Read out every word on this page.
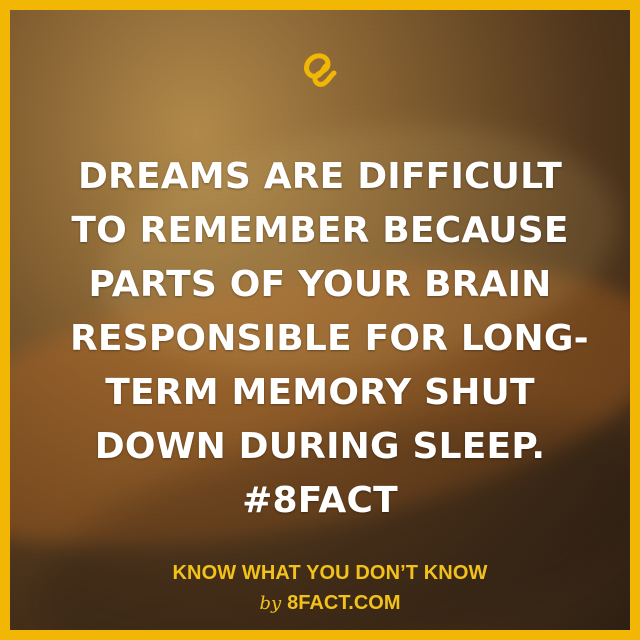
DREAMS ARE DIFFICULT
TO REMEMBER BECAUSE
PARTS OF YOUR BRAIN
RESPONSIBLE FOR LONG-
TERM MEMORY SHUT
DOWN DURING SLEEP.
#8FACT
KNOW WHAT YOU DON’T KNOW
by 8FACT.COM
